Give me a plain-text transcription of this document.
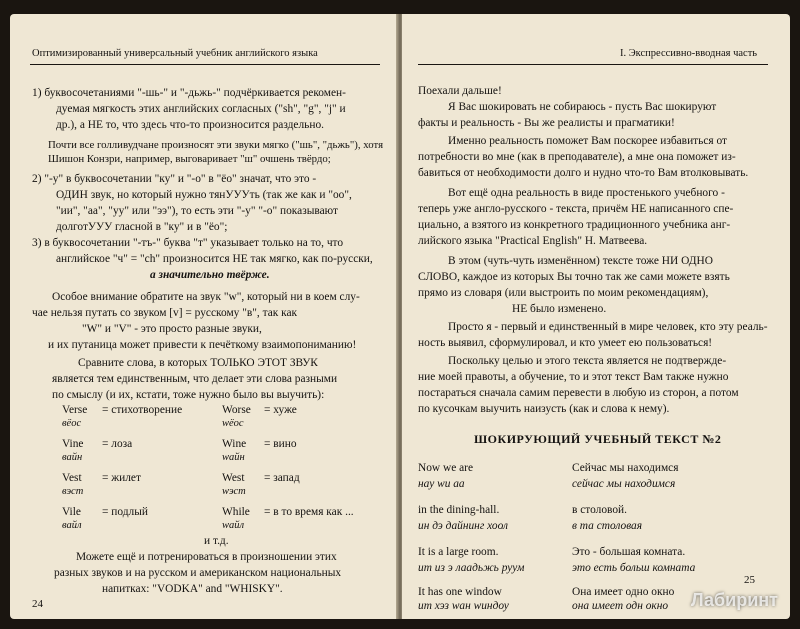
Оптимизированный универсальный учебник английского языка
1) буквосочетаниями "-шь-" и "-дьжь-" подчёркивается рекомен-
дуемая мягкость этих английских согласных ("sh", "g", "j" и
др.), а НЕ то, что здесь что-то произносится раздельно.
Почти все голливудчане произносят эти звуки мягко ("шь", "дьжь"), хотя
Шишон Конзри, например, выговаривает "ш" очшень твёрдо;
2) "-у" в буквосочетании "ку" и "-о" в "ёо" значат, что это -
ОДИН звук, но который нужно тянУУУть (так же как и "оо",
"ии", "аа", "уу" или "ээ"), то есть эти "-у" "-о" показывают
долготУУУ гласной в "ку" и в "ёо";
3) в буквосочетании "-тъ-" буква "т" указывает только на то, что
английское "ч" = "ch" произносится НЕ так мягко, как по-русски,
а значительно твёрже.
Особое внимание обратите на звук "w", который ни в коем слу-
чае нельзя путать со звуком [v] = русскому "в", так как
"W" и "V" - это просто разные звуки,
и их путаница может привести к печёткому взаимопониманию!
Сравните слова, в которых ТОЛЬКО ЭТОТ ЗВУК
является тем единственным, что делает эти слова разными
по смыслу (и их, кстати, тоже нужно было вы выучить):
Verse = стихотворение	Worse = хуже
вёос	wёос
Vine = лоза	Wine = вино
вайн	wайн
Vest = жилет	West = запад
вэст	wэст
Vile = подлый	While = в то время как ...
вайл	wайл
и т.д.
Можете ещё и потренироваться в произношении этих
разных звуков и на русском и американском национальных
напитках: "VODKA" and "WHISKY".
24
I. Экспрессивно-вводная часть
Поехали дальше!
Я Вас шокировать не собираюсь - пусть Вас шокируют
факты и реальность - Вы же реалисты и прагматики!
Именно реальность поможет Вам поскорее избавиться от
потребности во мне (как в преподавателе), а мне она поможет из-
бавиться от необходимости долго и нудно что-то Вам втолковывать.
Вот ещё одна реальность в виде простенького учебного -
теперь уже англо-русского - текста, причём НЕ написанного спе-
циально, а взятого из конкретного традиционного учебника анг-
лийского языка "Practical English" Н. Матвеева.
В этом (чуть-чуть изменённом) тексте тоже НИ ОДНО
СЛОВО, каждое из которых Вы точно так же сами можете взять
прямо из словаря (или выстроить по моим рекомендациям),
НЕ было изменено.
Просто я - первый и единственный в мире человек, кто эту реаль-
ность выявил, сформулировал, и кто умеет ею пользоваться!
Поскольку целью и этого текста является не подтвержде-
ние моей правоты, а обучение, то и этот текст Вам также нужно
постараться сначала самим перевести в любую из сторон, а потом
по кусочкам выучить наизусть (как и слова к нему).
ШОКИРУЮЩИЙ УЧЕБНЫЙ ТЕКСТ №2
Now we are	Сейчас мы находимся
нау wи аа	сейчас мы находимся
in the dining-hall.	в столовой.
ин дэ дайнинг хоол	в та столовая
It is a large room.	Это - большая комната.
ит из э лаадьжь руум	это есть больш комната
It has one window	Она имеет одно окно
ит хэз wан wиндоу	она имеет одн окно
25
Лабиринт
